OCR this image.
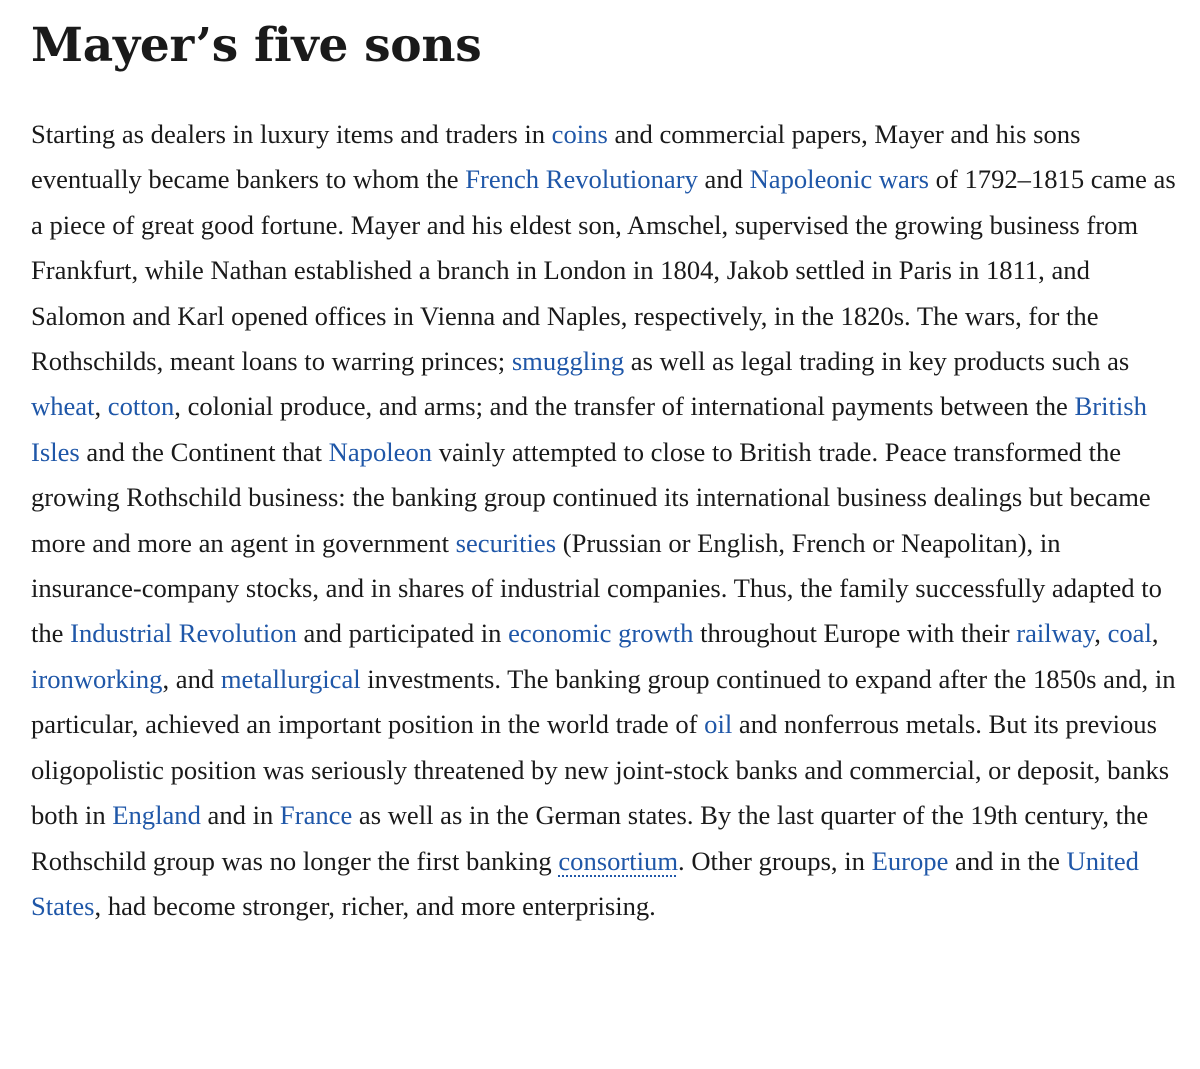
Mayer’s five sons

Starting as dealers in luxury items and traders in coins and commercial papers, Mayer and his sons eventually became bankers to whom the French Revolutionary and Napoleonic wars of 1792–1815 came as a piece of great good fortune. Mayer and his eldest son, Amschel, supervised the growing business from Frankfurt, while Nathan established a branch in London in 1804, Jakob settled in Paris in 1811, and Salomon and Karl opened offices in Vienna and Naples, respectively, in the 1820s. The wars, for the Rothschilds, meant loans to warring princes; smuggling as well as legal trading in key products such as wheat, cotton, colonial produce, and arms; and the transfer of international payments between the British Isles and the Continent that Napoleon vainly attempted to close to British trade. Peace transformed the growing Rothschild business: the banking group continued its international business dealings but became more and more an agent in government securities (Prussian or English, French or Neapolitan), in insurance-company stocks, and in shares of industrial companies. Thus, the family successfully adapted to the Industrial Revolution and participated in economic growth throughout Europe with their railway, coal, ironworking, and metallurgical investments. The banking group continued to expand after the 1850s and, in particular, achieved an important position in the world trade of oil and nonferrous metals. But its previous oligopolistic position was seriously threatened by new joint-stock banks and commercial, or deposit, banks both in England and in France as well as in the German states. By the last quarter of the 19th century, the Rothschild group was no longer the first banking consortium. Other groups, in Europe and in the United States, had become stronger, richer, and more enterprising.
